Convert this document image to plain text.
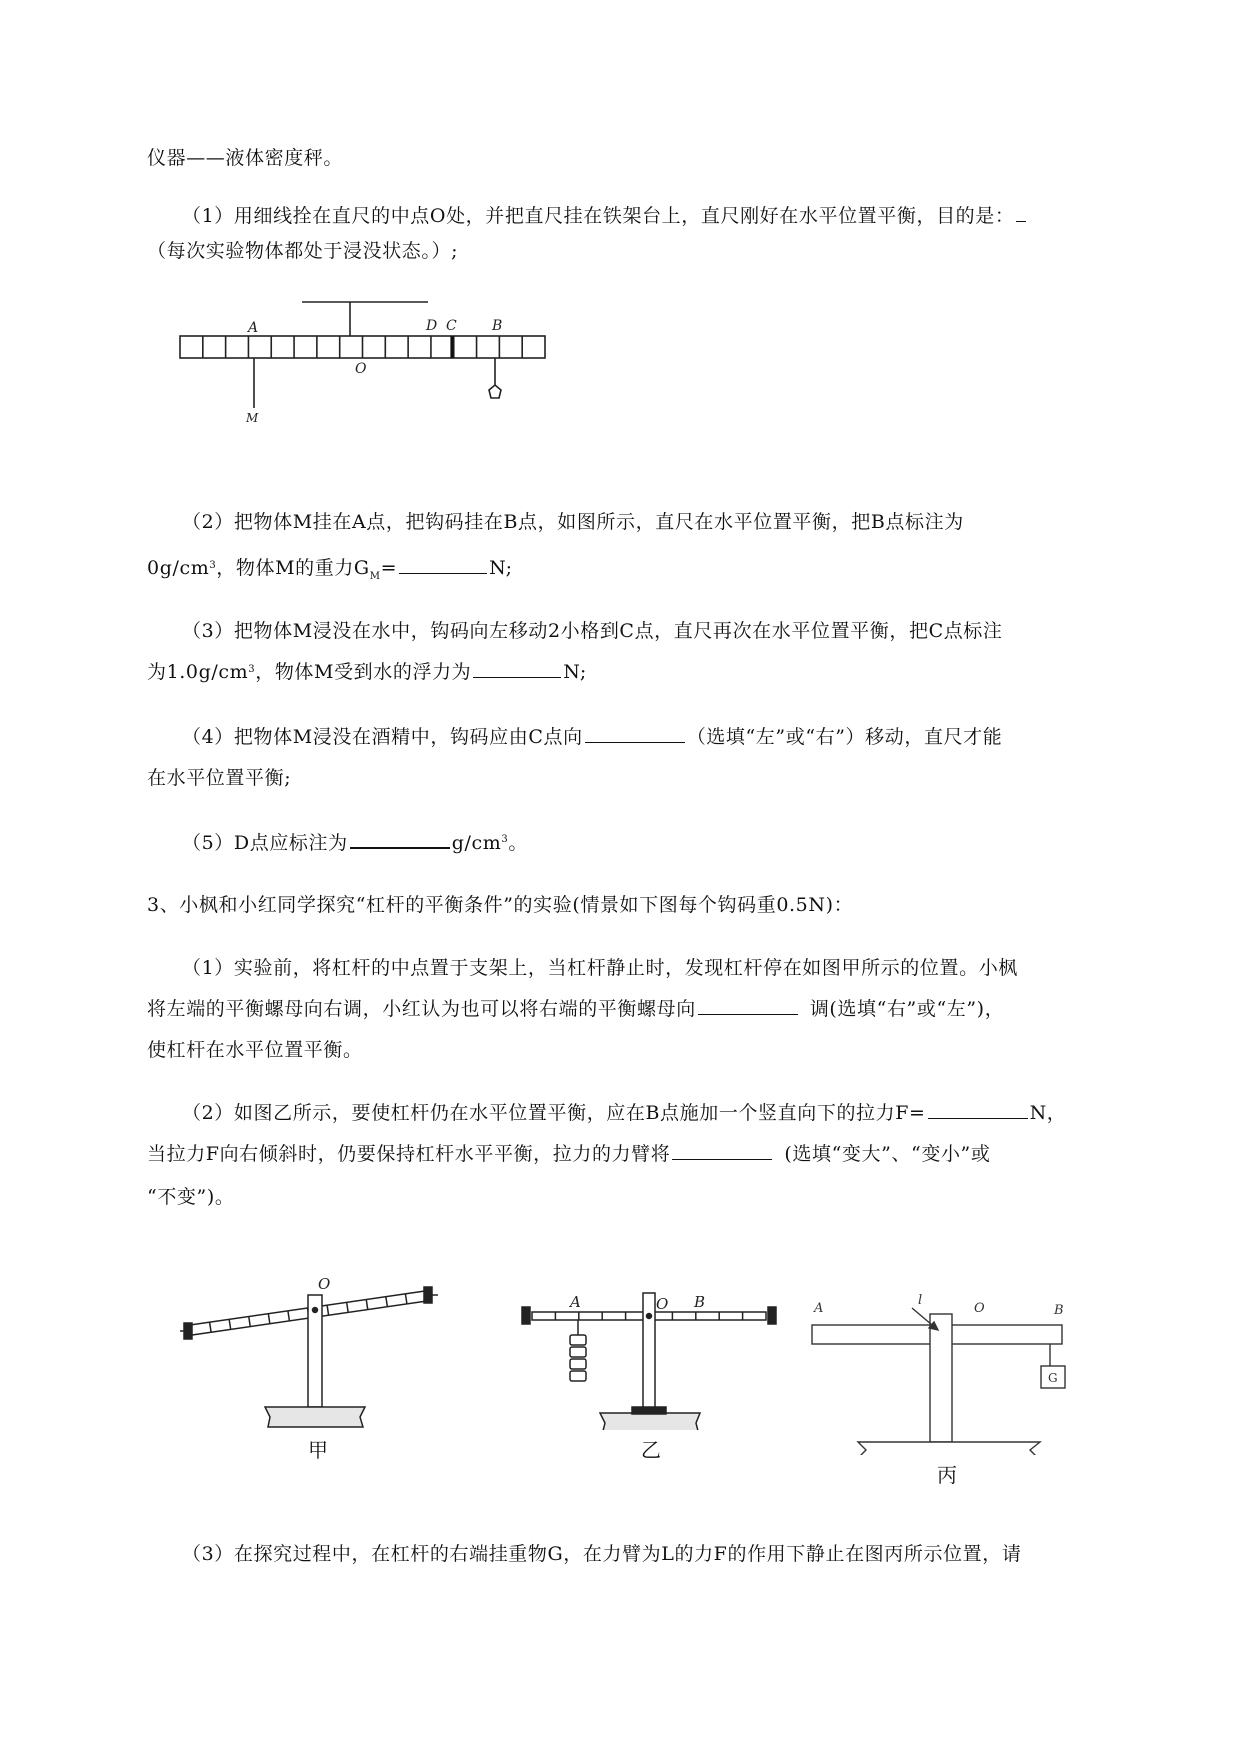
仪器——液体密度秤。
（1）用细线拴在直尺的中点O处，并把直尺挂在铁架台上，直尺刚好在水平位置平衡，目的是：
（每次实验物体都处于浸没状态。）;
A	D C	B
O
M
（2）把物体M挂在A点，把钩码挂在B点，如图所示，直尺在水平位置平衡，把B点标注为
$0g/cm^3$，物体M的重力$G_M=$	N;
（3）把物体M浸没在水中，钩码向左移动2小格到C点，直尺再次在水平位置平衡，把C点标注
为$1.0g/cm^3$，物体M受到水的浮力为	N;
（4）把物体M浸没在酒精中，钩码应由C点向	（选填“左”或“右”）移动，直尺才能
在水平位置平衡;
（5）D点应标注为	$g/cm^3$。
3、小枫和小红同学探究“杠杆的平衡条件”的实验(情景如下图每个钩码重0.5N)：
（1）实验前，将杠杆的中点置于支架上，当杠杆静止时，发现杠杆停在如图甲所示的位置。小枫
将左端的平衡螺母向右调，小红认为也可以将右端的平衡螺母向	调(选填“右”或“左”)，
使杠杆在水平位置平衡。
（2）如图乙所示，要使杠杆仍在水平位置平衡，应在B点施加一个竖直向下的拉力F=	N，
当拉力F向右倾斜时，仍要保持杠杆水平平衡，拉力的力臂将	(选填“变大”、“变小”或
“不变”)。
O
甲
A	O B
乙
A
l
O	B
G
丙
（3）在探究过程中，在杠杆的右端挂重物G，在力臂为L的力F的作用下静止在图丙所示位置，请
